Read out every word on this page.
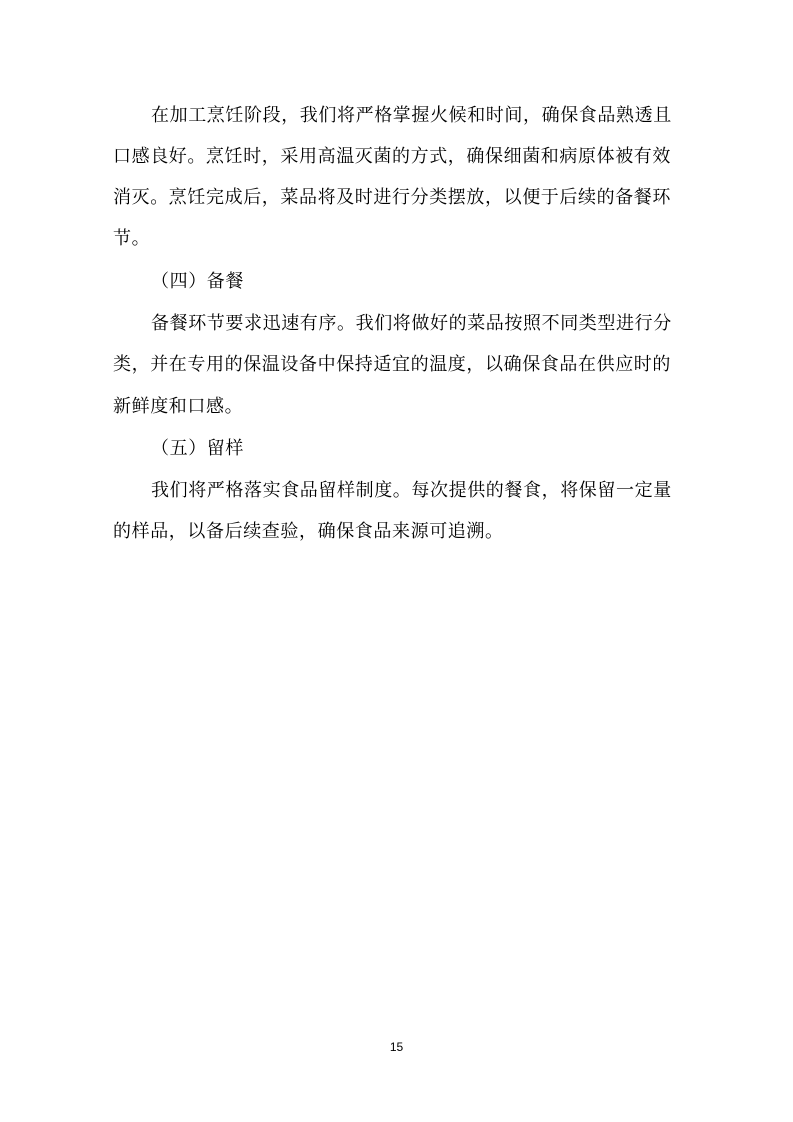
在加工烹饪阶段，我们将严格掌握火候和时间，确保食品熟透且
口感良好。烹饪时，采用高温灭菌的方式，确保细菌和病原体被有效
消灭。烹饪完成后，菜品将及时进行分类摆放，以便于后续的备餐环
节。
（四）备餐
备餐环节要求迅速有序。我们将做好的菜品按照不同类型进行分
类，并在专用的保温设备中保持适宜的温度，以确保食品在供应时的
新鲜度和口感。
（五）留样
我们将严格落实食品留样制度。每次提供的餐食，将保留一定量
的样品，以备后续查验，确保食品来源可追溯。
15
